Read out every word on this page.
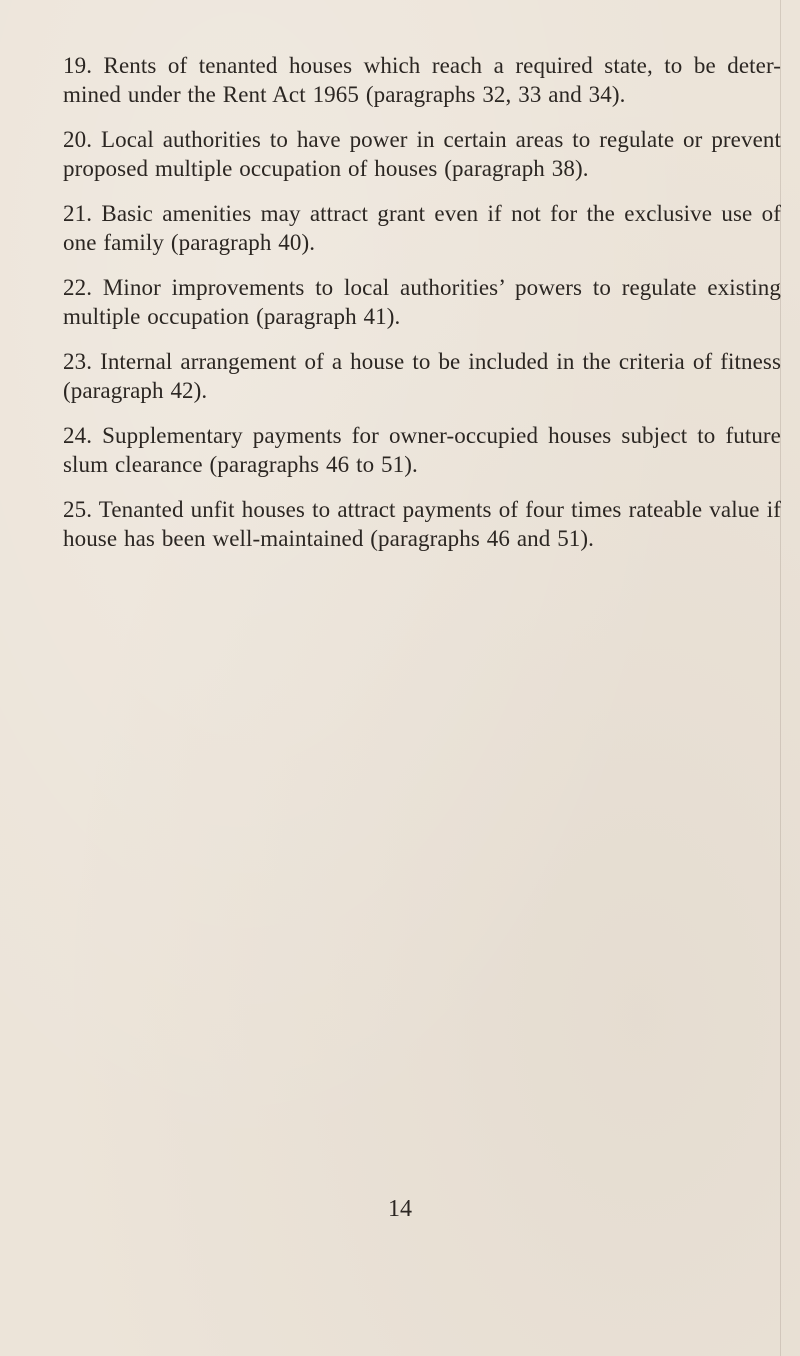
19. Rents of tenanted houses which reach a required state, to be deter-mined under the Rent Act 1965 (paragraphs 32, 33 and 34).
20. Local authorities to have power in certain areas to regulate or prevent proposed multiple occupation of houses (paragraph 38).
21. Basic amenities may attract grant even if not for the exclusive use of one family (paragraph 40).
22. Minor improvements to local authorities’ powers to regulate existing multiple occupation (paragraph 41).
23. Internal arrangement of a house to be included in the criteria of fitness (paragraph 42).
24. Supplementary payments for owner-occupied houses subject to future slum clearance (paragraphs 46 to 51).
25. Tenanted unfit houses to attract payments of four times rateable value if house has been well-maintained (paragraphs 46 and 51).
14
